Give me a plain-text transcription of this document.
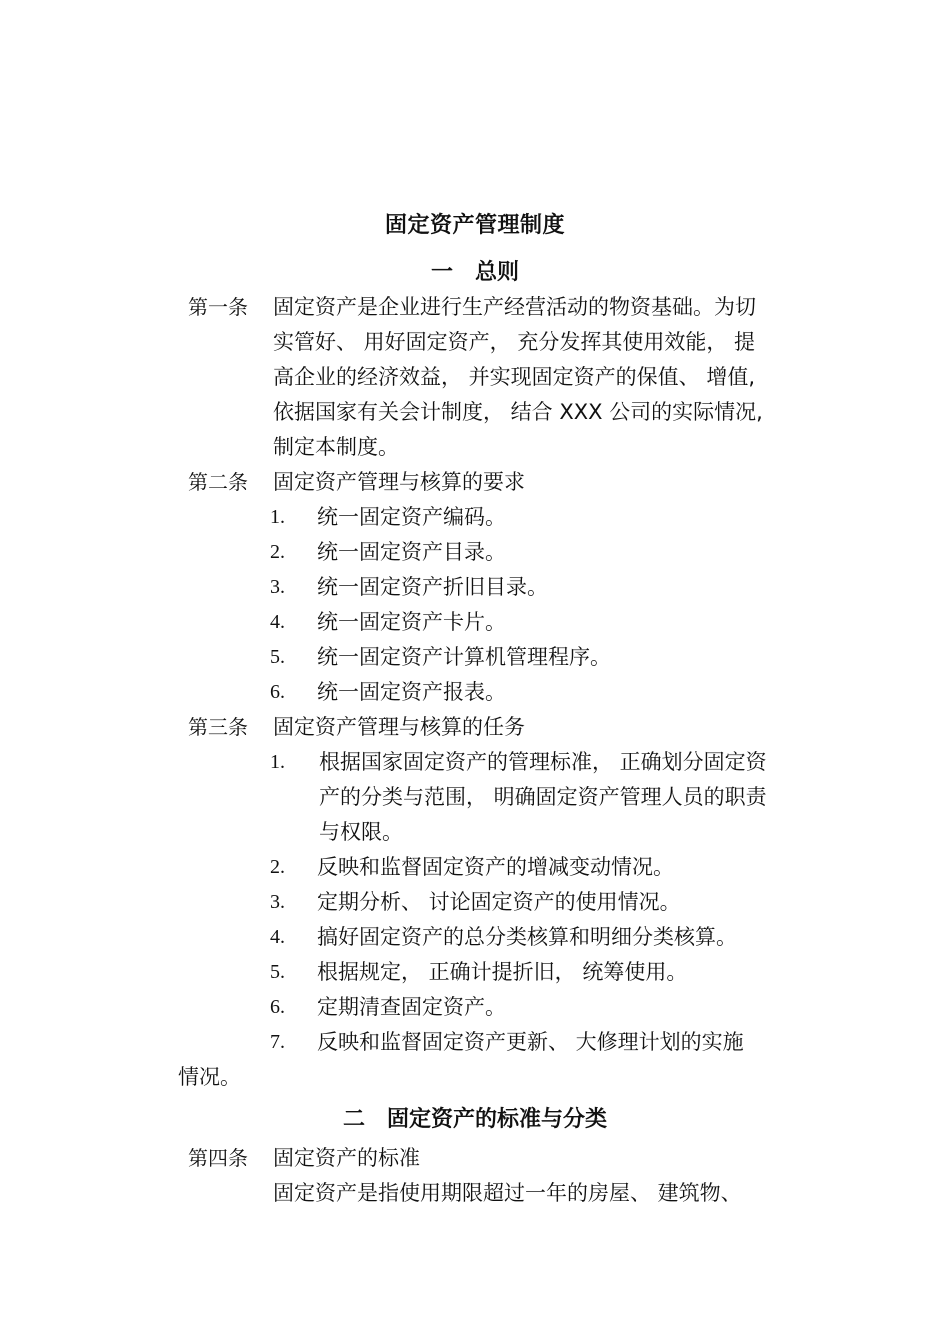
固定资产管理制度
一 总则
第一条 固定资产是企业进行生产经营活动的物资基础。为切
实管好、 用好固定资产， 充分发挥其使用效能， 提
高企业的经济效益， 并实现固定资产的保值、 增值,
依据国家有关会计制度， 结合 XXX 公司的实际情况,
制定本制度。
第二条 固定资产管理与核算的要求
1. 统一固定资产编码。
2. 统一固定资产目录。
3. 统一固定资产折旧目录。
4. 统一固定资产卡片。
5. 统一固定资产计算机管理程序。
6. 统一固定资产报表。
第三条 固定资产管理与核算的任务
1. 根据国家固定资产的管理标准， 正确划分固定资
产的分类与范围， 明确固定资产管理人员的职责
与权限。
2. 反映和监督固定资产的增减变动情况。
3. 定期分析、 讨论固定资产的使用情况。
4. 搞好固定资产的总分类核算和明细分类核算。
5. 根据规定， 正确计提折旧， 统筹使用。
6. 定期清查固定资产。
7. 反映和监督固定资产更新、 大修理计划的实施
情况。
二 固定资产的标准与分类
第四条 固定资产的标准
固定资产是指使用期限超过一年的房屋、 建筑物、
